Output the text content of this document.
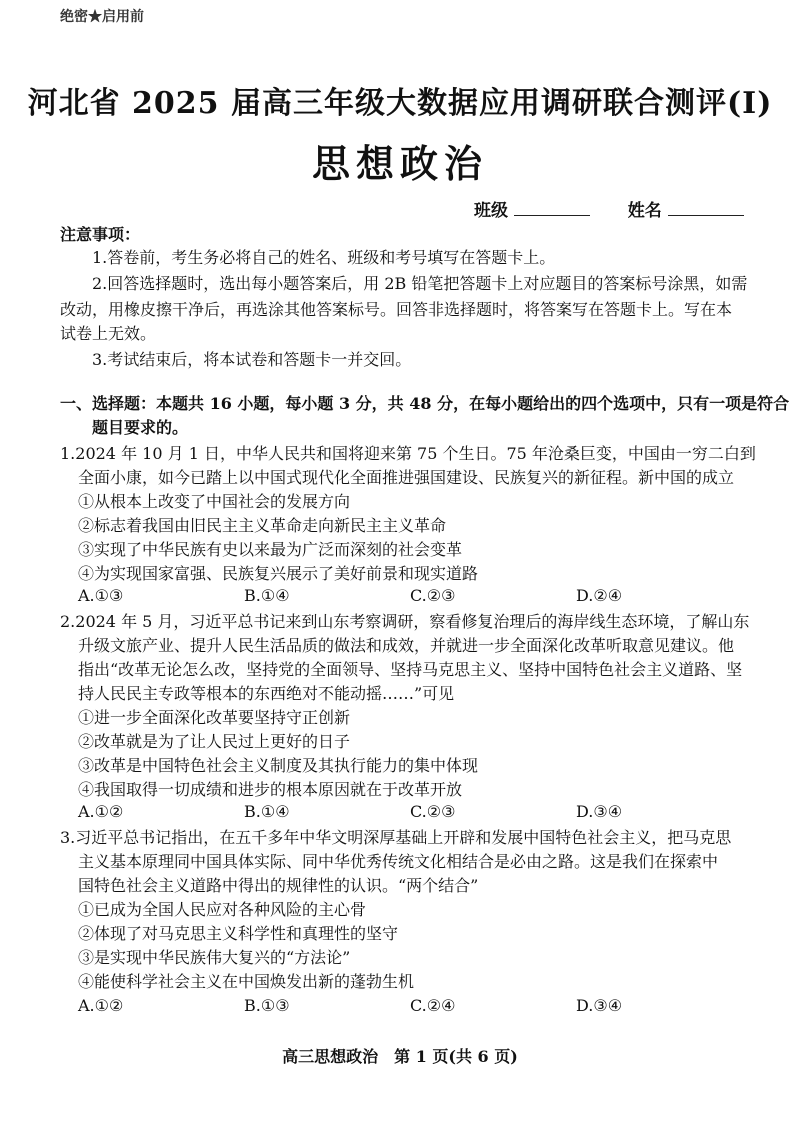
绝密★启用前
河北省 2025 届高三年级大数据应用调研联合测评(I)
思想政治
班级	姓名
注意事项：
1.答卷前，考生务必将自己的姓名、班级和考号填写在答题卡上。
2.回答选择题时，选出每小题答案后，用 2B 铅笔把答题卡上对应题目的答案标号涂黑，如需
改动，用橡皮擦干净后，再选涂其他答案标号。回答非选择题时，将答案写在答题卡上。写在本
试卷上无效。
3.考试结束后，将本试卷和答题卡一并交回。
一、选择题：本题共 16 小题，每小题 3 分，共 48 分，在每小题给出的四个选项中，只有一项是符合
题目要求的。
1.2024 年 10 月 1 日，中华人民共和国将迎来第 75 个生日。75 年沧桑巨变，中国由一穷二白到
全面小康，如今已踏上以中国式现代化全面推进强国建设、民族复兴的新征程。新中国的成立
①从根本上改变了中国社会的发展方向
②标志着我国由旧民主主义革命走向新民主主义革命
③实现了中华民族有史以来最为广泛而深刻的社会变革
④为实现国家富强、民族复兴展示了美好前景和现实道路
A.①③	B.①④	C.②③	D.②④
2.2024 年 5 月，习近平总书记来到山东考察调研，察看修复治理后的海岸线生态环境，了解山东
升级文旅产业、提升人民生活品质的做法和成效，并就进一步全面深化改革听取意见建议。他
指出“改革无论怎么改，坚持党的全面领导、坚持马克思主义、坚持中国特色社会主义道路、坚
持人民民主专政等根本的东西绝对不能动摇……”可见
①进一步全面深化改革要坚持守正创新
②改革就是为了让人民过上更好的日子
③改革是中国特色社会主义制度及其执行能力的集中体现
④我国取得一切成绩和进步的根本原因就在于改革开放
A.①②	B.①④	C.②③	D.③④
3.习近平总书记指出，在五千多年中华文明深厚基础上开辟和发展中国特色社会主义，把马克思
主义基本原理同中国具体实际、同中华优秀传统文化相结合是必由之路。这是我们在探索中
国特色社会主义道路中得出的规律性的认识。“两个结合”
①已成为全国人民应对各种风险的主心骨
②体现了对马克思主义科学性和真理性的坚守
③是实现中华民族伟大复兴的“方法论”
④能使科学社会主义在中国焕发出新的蓬勃生机
A.①②	B.①③	C.②④	D.③④
高三思想政治　第 1 页(共 6 页)
